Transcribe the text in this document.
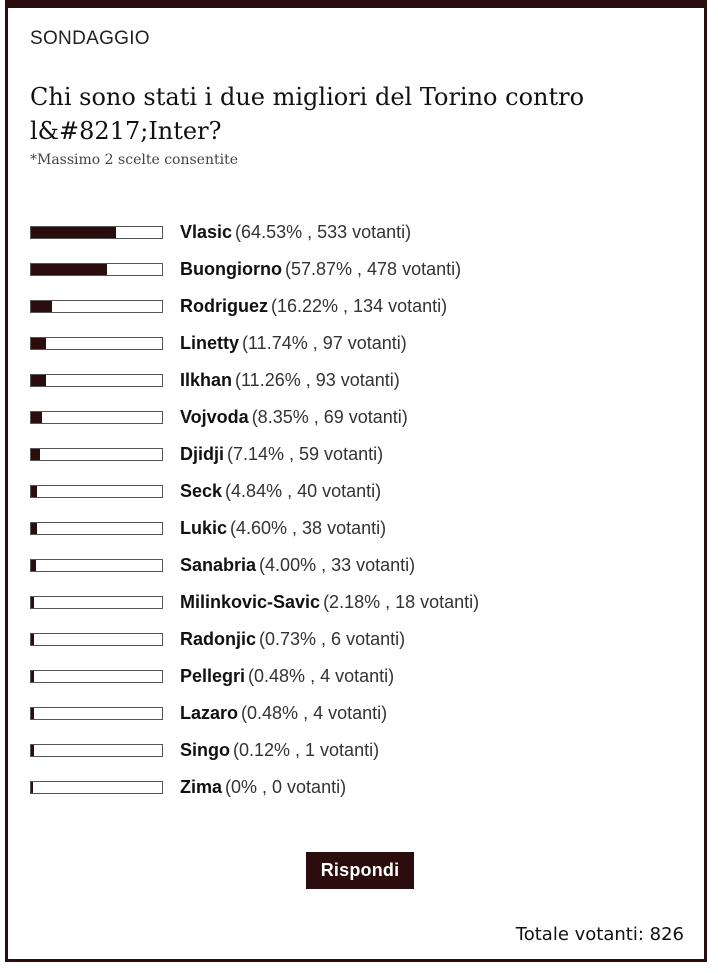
SONDAGGIO
Chi sono stati i due migliori del Torino contro l&#8217;Inter?
*Massimo 2 scelte consentite
Vlasic (64.53% , 533 votanti)
Buongiorno (57.87% , 478 votanti)
Rodriguez (16.22% , 134 votanti)
Linetty (11.74% , 97 votanti)
Ilkhan (11.26% , 93 votanti)
Vojvoda (8.35% , 69 votanti)
Djidji (7.14% , 59 votanti)
Seck (4.84% , 40 votanti)
Lukic (4.60% , 38 votanti)
Sanabria (4.00% , 33 votanti)
Milinkovic-Savic (2.18% , 18 votanti)
Radonjic (0.73% , 6 votanti)
Pellegri (0.48% , 4 votanti)
Lazaro (0.48% , 4 votanti)
Singo (0.12% , 1 votanti)
Zima (0% , 0 votanti)
Rispondi
Totale votanti: 826
